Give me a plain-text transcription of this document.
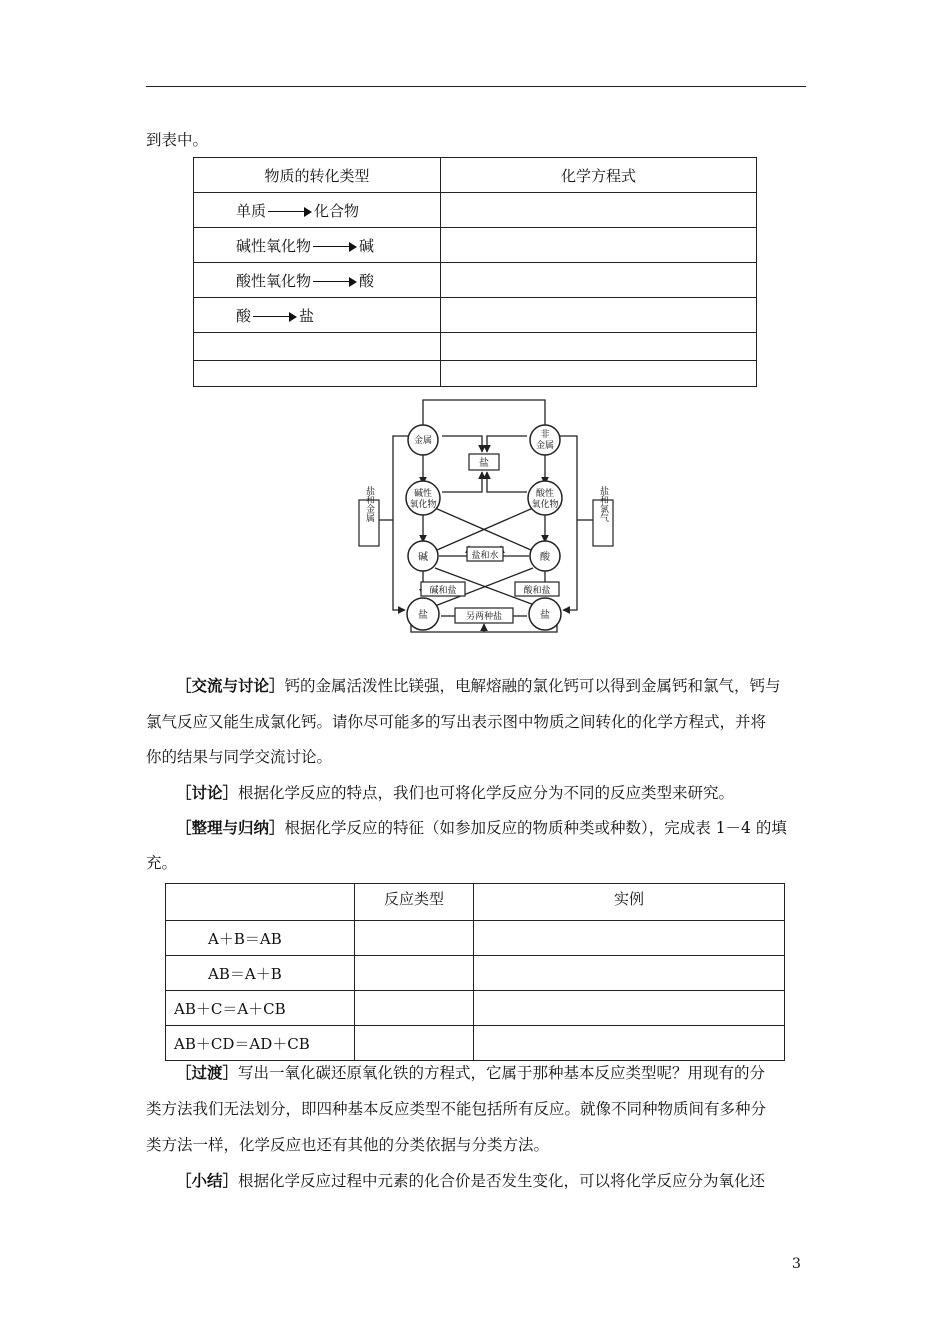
到表中。
物质的转化类型	化学方程式
单质 化合物	
碱性氧化物 碱	
酸性氧化物 酸	
酸 盐	

金属
非
金属
盐
碱性
氧化物
酸性
氧化物
碱	酸
盐和水
碱和盐	酸和盐
另两种盐
盐	盐
盐和金属	盐和氯气
［交流与讨论］钙的金属活泼性比镁强，电解熔融的氯化钙可以得到金属钙和氯气，钙与
氯气反应又能生成氯化钙。请你尽可能多的写出表示图中物质之间转化的化学方程式，并将
你的结果与同学交流讨论。
［讨论］根据化学反应的特点，我们也可将化学反应分为不同的反应类型来研究。
［整理与归纳］根据化学反应的特征（如参加反应的物质种类或种数），完成表 1－4 的填
充。
	反应类型	实例
A＋B＝AB		
AB＝A＋B		
AB＋C＝A＋CB		
AB＋CD＝AD＋CB		
［过渡］写出一氧化碳还原氧化铁的方程式，它属于那种基本反应类型呢？用现有的分
类方法我们无法划分，即四种基本反应类型不能包括所有反应。就像不同种物质间有多种分
类方法一样，化学反应也还有其他的分类依据与分类方法。
［小结］根据化学反应过程中元素的化合价是否发生变化，可以将化学反应分为氧化还
3
